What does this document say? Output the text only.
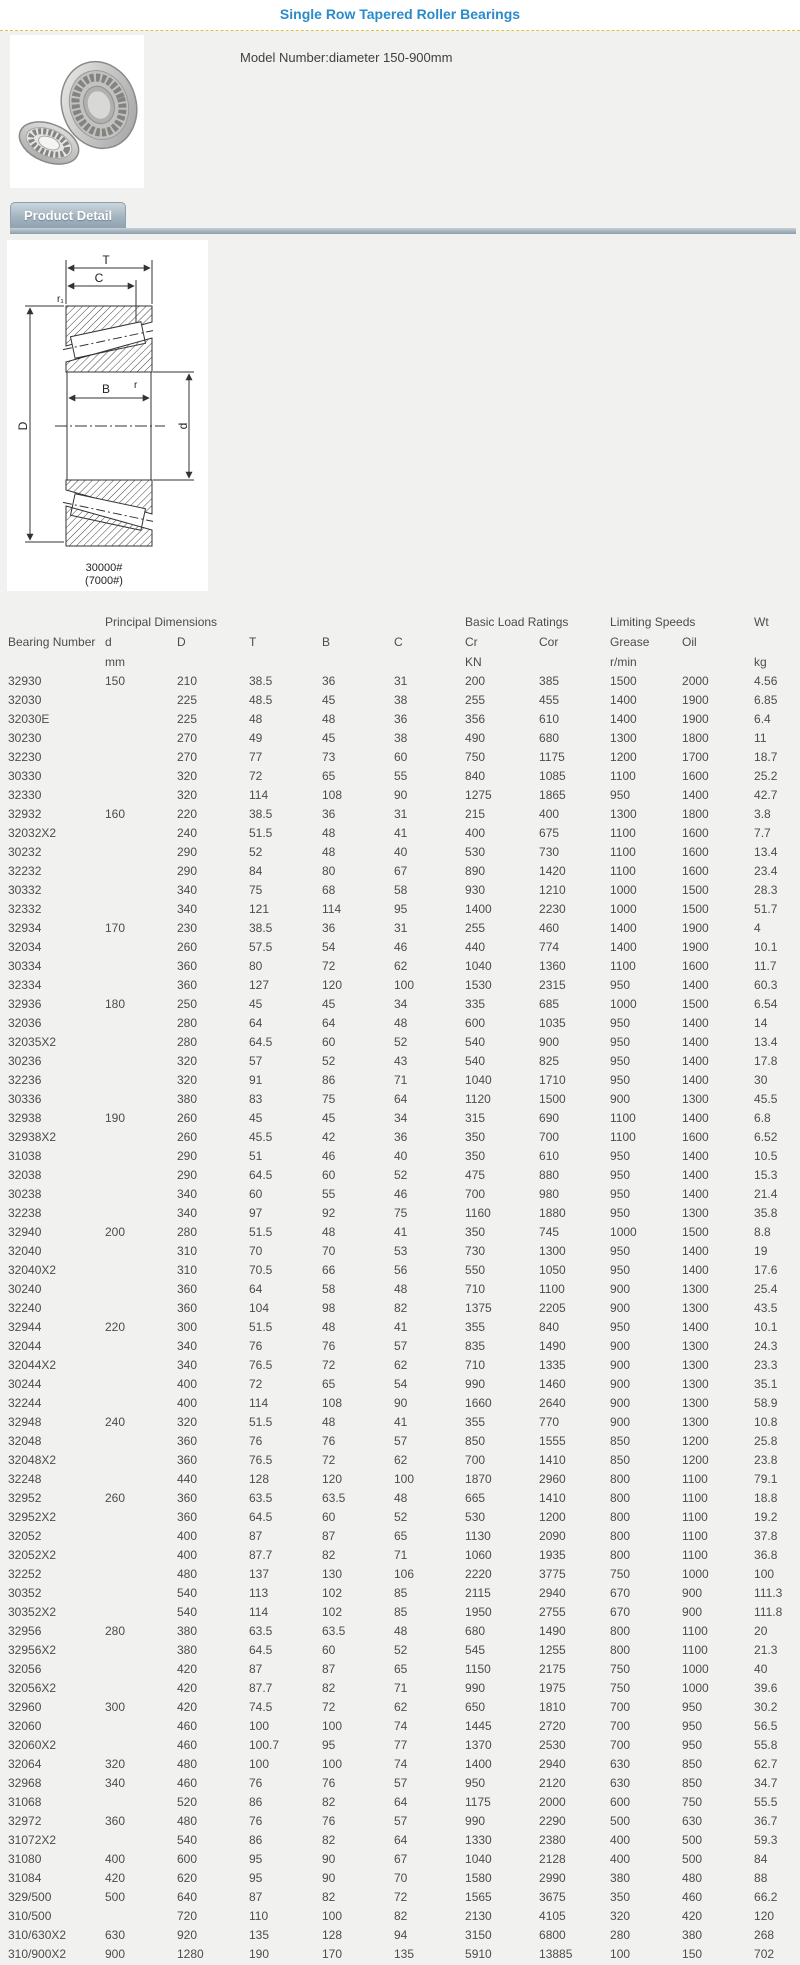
Single Row Tapered Roller Bearings
Model Number:diameter 150-900mm
Product Detail
T
C
r₁
r
B
D	d
30000#
(7000#)
	Principal Dimensions					Basic Load Ratings		Limiting Speeds		Wt
Bearing Number	d	D	T	B	C	Cr	Cor	Grease	Oil	
	mm					KN		r/min		kg
32930	150	210	38.5	36	31	200	385	1500	2000	4.56
32030		225	48.5	45	38	255	455	1400	1900	6.85
32030E		225	48	48	36	356	610	1400	1900	6.4
30230		270	49	45	38	490	680	1300	1800	11
32230		270	77	73	60	750	1175	1200	1700	18.7
30330		320	72	65	55	840	1085	1100	1600	25.2
32330		320	114	108	90	1275	1865	950	1400	42.7
32932	160	220	38.5	36	31	215	400	1300	1800	3.8
32032X2		240	51.5	48	41	400	675	1100	1600	7.7
30232		290	52	48	40	530	730	1100	1600	13.4
32232		290	84	80	67	890	1420	1100	1600	23.4
30332		340	75	68	58	930	1210	1000	1500	28.3
32332		340	121	114	95	1400	2230	1000	1500	51.7
32934	170	230	38.5	36	31	255	460	1400	1900	4
32034		260	57.5	54	46	440	774	1400	1900	10.1
30334		360	80	72	62	1040	1360	1100	1600	11.7
32334		360	127	120	100	1530	2315	950	1400	60.3
32936	180	250	45	45	34	335	685	1000	1500	6.54
32036		280	64	64	48	600	1035	950	1400	14
32035X2		280	64.5	60	52	540	900	950	1400	13.4
30236		320	57	52	43	540	825	950	1400	17.8
32236		320	91	86	71	1040	1710	950	1400	30
30336		380	83	75	64	1120	1500	900	1300	45.5
32938	190	260	45	45	34	315	690	1100	1400	6.8
32938X2		260	45.5	42	36	350	700	1100	1600	6.52
31038		290	51	46	40	350	610	950	1400	10.5
32038		290	64.5	60	52	475	880	950	1400	15.3
30238		340	60	55	46	700	980	950	1400	21.4
32238		340	97	92	75	1160	1880	950	1300	35.8
32940	200	280	51.5	48	41	350	745	1000	1500	8.8
32040		310	70	70	53	730	1300	950	1400	19
32040X2		310	70.5	66	56	550	1050	950	1400	17.6
30240		360	64	58	48	710	1100	900	1300	25.4
32240		360	104	98	82	1375	2205	900	1300	43.5
32944	220	300	51.5	48	41	355	840	950	1400	10.1
32044		340	76	76	57	835	1490	900	1300	24.3
32044X2		340	76.5	72	62	710	1335	900	1300	23.3
30244		400	72	65	54	990	1460	900	1300	35.1
32244		400	114	108	90	1660	2640	900	1300	58.9
32948	240	320	51.5	48	41	355	770	900	1300	10.8
32048		360	76	76	57	850	1555	850	1200	25.8
32048X2		360	76.5	72	62	700	1410	850	1200	23.8
32248		440	128	120	100	1870	2960	800	1100	79.1
32952	260	360	63.5	63.5	48	665	1410	800	1100	18.8
32952X2		360	64.5	60	52	530	1200	800	1100	19.2
32052		400	87	87	65	1130	2090	800	1100	37.8
32052X2		400	87.7	82	71	1060	1935	800	1100	36.8
32252		480	137	130	106	2220	3775	750	1000	100
30352		540	113	102	85	2115	2940	670	900	111.3
30352X2		540	114	102	85	1950	2755	670	900	111.8
32956	280	380	63.5	63.5	48	680	1490	800	1100	20
32956X2		380	64.5	60	52	545	1255	800	1100	21.3
32056		420	87	87	65	1150	2175	750	1000	40
32056X2		420	87.7	82	71	990	1975	750	1000	39.6
32960	300	420	74.5	72	62	650	1810	700	950	30.2
32060		460	100	100	74	1445	2720	700	950	56.5
32060X2		460	100.7	95	77	1370	2530	700	950	55.8
32064	320	480	100	100	74	1400	2940	630	850	62.7
32968	340	460	76	76	57	950	2120	630	850	34.7
31068		520	86	82	64	1175	2000	600	750	55.5
32972	360	480	76	76	57	990	2290	500	630	36.7
31072X2		540	86	82	64	1330	2380	400	500	59.3
31080	400	600	95	90	67	1040	2128	400	500	84
31084	420	620	95	90	70	1580	2990	380	480	88
329/500	500	640	87	82	72	1565	3675	350	460	66.2
310/500		720	110	100	82	2130	4105	320	420	120
310/630X2	630	920	135	128	94	3150	6800	280	380	268
310/900X2	900	1280	190	170	135	5910	13885	100	150	702
